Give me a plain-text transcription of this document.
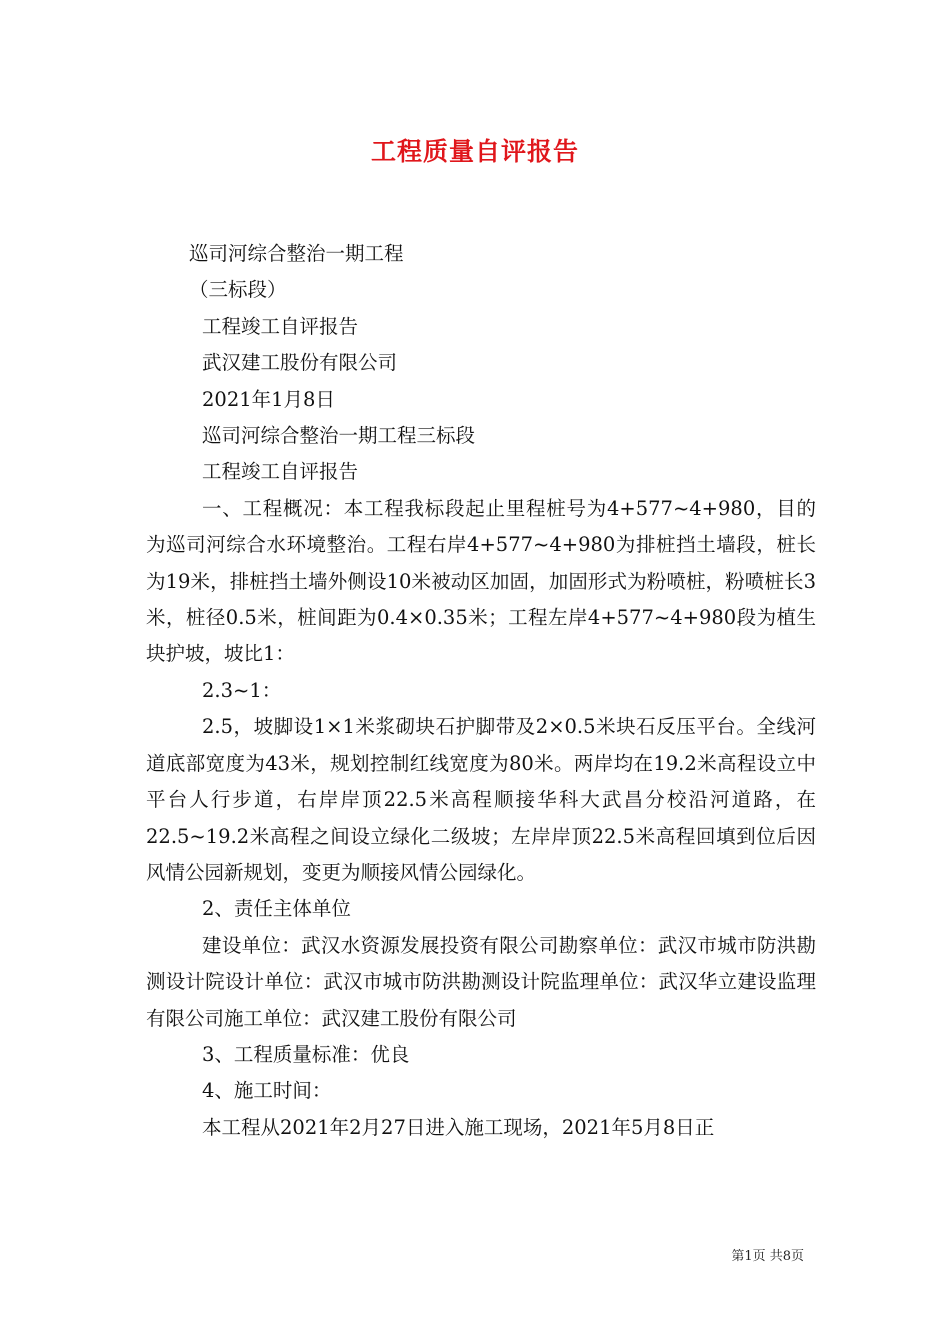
工程质量自评报告

巡司河综合整治一期工程

（三标段）

工程竣工自评报告

武汉建工股份有限公司

2021年1月8日

巡司河综合整治一期工程三标段

工程竣工自评报告

一、工程概况：本工程我标段起止里程桩号为4+577~4+980，目的为巡司河综合水环境整治。工程右岸4+577~4+980为排桩挡土墙段，桩长为19米，排桩挡土墙外侧设10米被动区加固，加固形式为粉喷桩，粉喷桩长3米，桩径0.5米，桩间距为0.4×0.35米；工程左岸4+577~4+980段为植生块护坡，坡比1：

2.3~1：

2.5，坡脚设1×1米浆砌块石护脚带及2×0.5米块石反压平台。全线河道底部宽度为43米，规划控制红线宽度为80米。两岸均在19.2米高程设立中平台人行步道，右岸岸顶22.5米高程顺接华科大武昌分校沿河道路，在22.5~19.2米高程之间设立绿化二级坡；左岸岸顶22.5米高程回填到位后因风情公园新规划，变更为顺接风情公园绿化。

2、责任主体单位

建设单位：武汉水资源发展投资有限公司勘察单位：武汉市城市防洪勘测设计院设计单位：武汉市城市防洪勘测设计院监理单位：武汉华立建设监理有限公司施工单位：武汉建工股份有限公司

3、工程质量标准：优良

4、施工时间：

本工程从2021年2月27日进入施工现场，2021年5月8日正

第1页 共8页
